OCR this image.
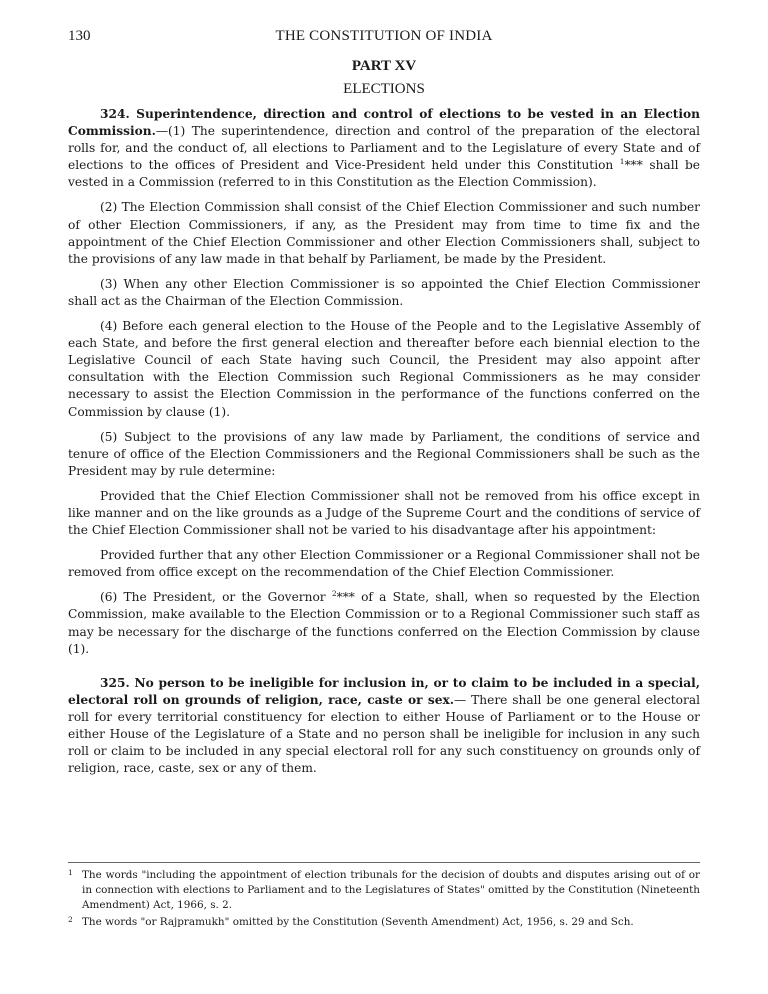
130	THE CONSTITUTION OF INDIA
PART XV
ELECTIONS

324. Superintendence, direction and control of elections to be vested in an Election Commission.—(1) The superintendence, direction and control of the preparation of the electoral rolls for, and the conduct of, all elections to Parliament and to the Legislature of every State and of elections to the offices of President and Vice-President held under this Constitution $^1$*** shall be vested in a Commission (referred to in this Constitution as the Election Commission).

(2) The Election Commission shall consist of the Chief Election Commissioner and such number of other Election Commissioners, if any, as the President may from time to time fix and the appointment of the Chief Election Commissioner and other Election Commissioners shall, subject to the provisions of any law made in that behalf by Parliament, be made by the President.

(3) When any other Election Commissioner is so appointed the Chief Election Commissioner shall act as the Chairman of the Election Commission.

(4) Before each general election to the House of the People and to the Legislative Assembly of each State, and before the first general election and thereafter before each biennial election to the Legislative Council of each State having such Council, the President may also appoint after consultation with the Election Commission such Regional Commissioners as he may consider necessary to assist the Election Commission in the performance of the functions conferred on the Commission by clause (1).

(5) Subject to the provisions of any law made by Parliament, the conditions of service and tenure of office of the Election Commissioners and the Regional Commissioners shall be such as the President may by rule determine:

Provided that the Chief Election Commissioner shall not be removed from his office except in like manner and on the like grounds as a Judge of the Supreme Court and the conditions of service of the Chief Election Commissioner shall not be varied to his disadvantage after his appointment:

Provided further that any other Election Commissioner or a Regional Commissioner shall not be removed from office except on the recommendation of the Chief Election Commissioner.

(6) The President, or the Governor $^2$*** of a State, shall, when so requested by the Election Commission, make available to the Election Commission or to a Regional Commissioner such staff as may be necessary for the discharge of the functions conferred on the Election Commission by clause (1).

325. No person to be ineligible for inclusion in, or to claim to be included in a special, electoral roll on grounds of religion, race, caste or sex.— There shall be one general electoral roll for every territorial constituency for election to either House of Parliament or to the House or either House of the Legislature of a State and no person shall be ineligible for inclusion in any such roll or claim to be included in any special electoral roll for any such constituency on grounds only of religion, race, caste, sex or any of them.

1 The words "including the appointment of election tribunals for the decision of doubts and disputes arising out of or in connection with elections to Parliament and to the Legislatures of States" omitted by the Constitution (Nineteenth Amendment) Act, 1966, s. 2.
2 The words "or Rajpramukh" omitted by the Constitution (Seventh Amendment) Act, 1956, s. 29 and Sch.
